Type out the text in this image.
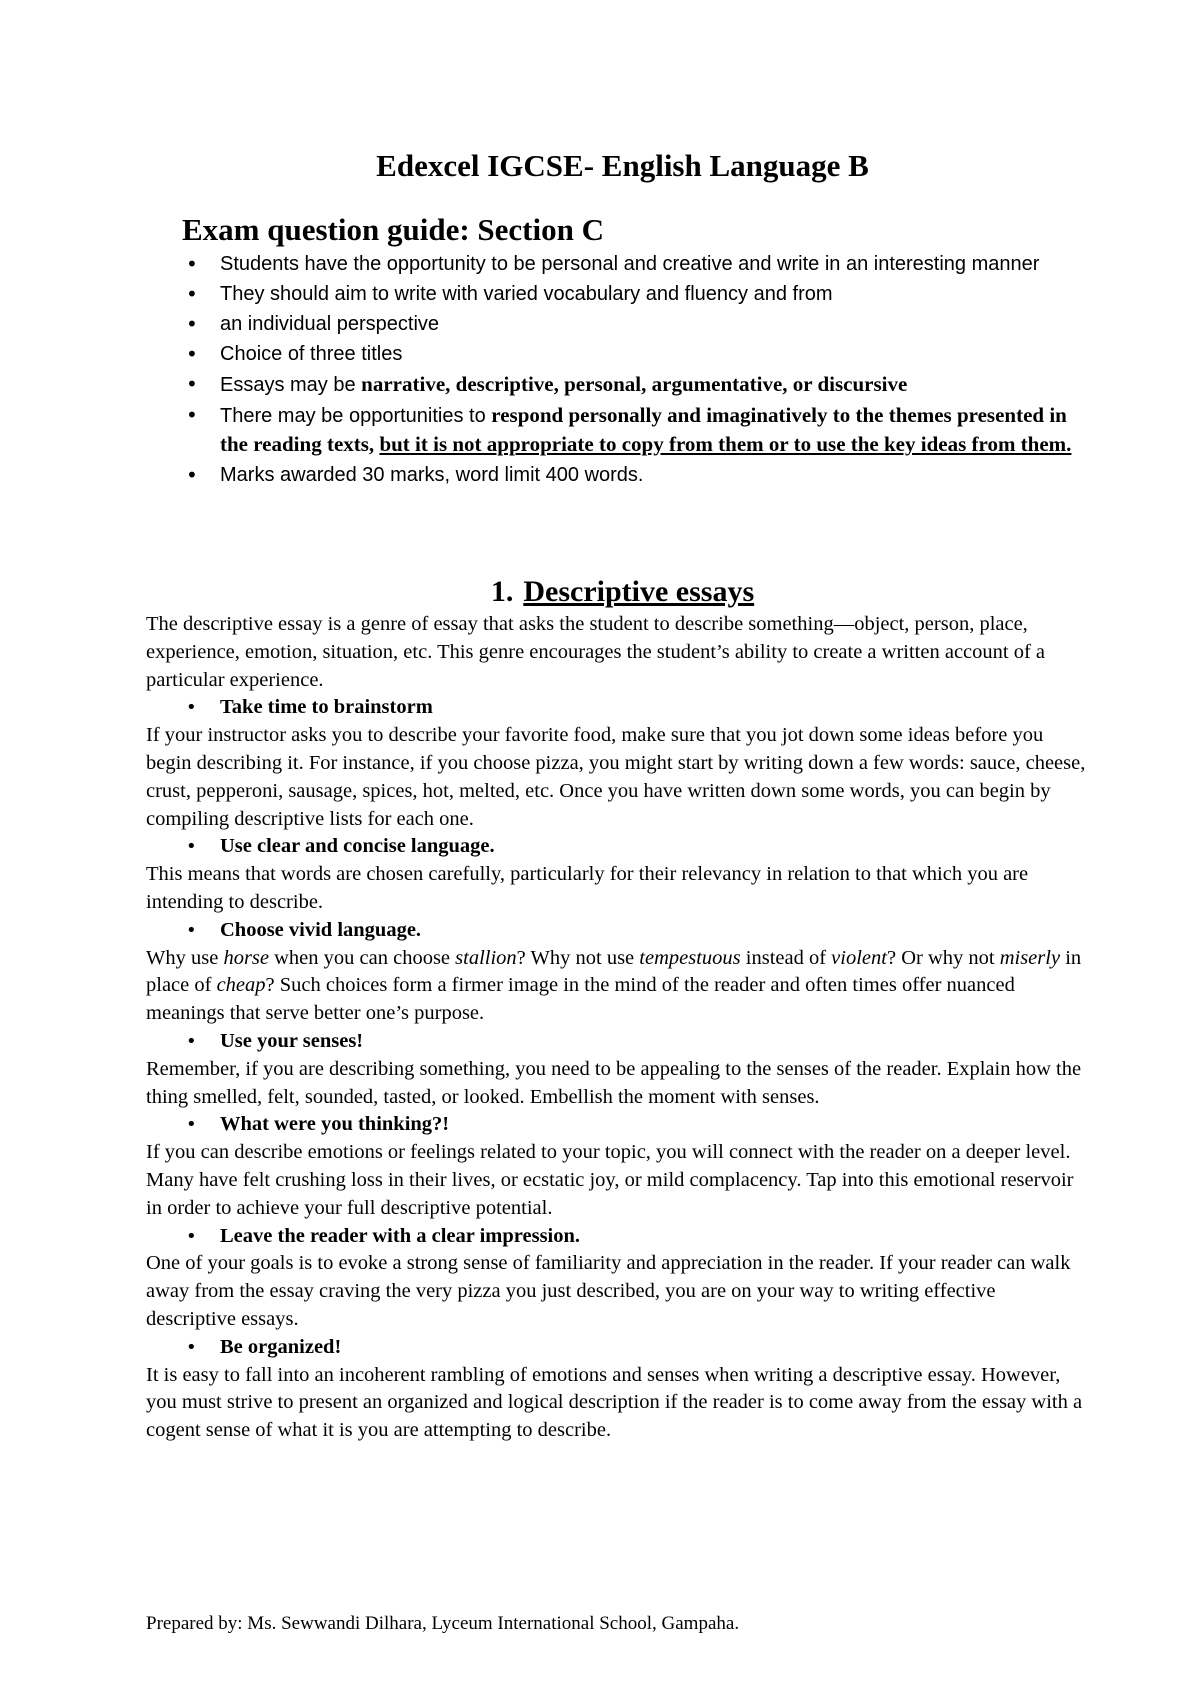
Edexcel IGCSE- English Language B
Exam question guide: Section C
• Students have the opportunity to be personal and creative and write in an interesting manner
• They should aim to write with varied vocabulary and fluency and from
• an individual perspective
• Choice of three titles
• Essays may be narrative, descriptive, personal, argumentative, or discursive
• There may be opportunities to respond personally and imaginatively to the themes presented in the reading texts, but it is not appropriate to copy from them or to use the key ideas from them.
• Marks awarded 30 marks, word limit 400 words.
1. Descriptive essays

The descriptive essay is a genre of essay that asks the student to describe something—object, person, place, experience, emotion, situation, etc. This genre encourages the student’s ability to create a written account of a particular experience.

• Take time to brainstorm

If your instructor asks you to describe your favorite food, make sure that you jot down some ideas before you begin describing it. For instance, if you choose pizza, you might start by writing down a few words: sauce, cheese, crust, pepperoni, sausage, spices, hot, melted, etc. Once you have written down some words, you can begin by compiling descriptive lists for each one.

• Use clear and concise language.

This means that words are chosen carefully, particularly for their relevancy in relation to that which you are intending to describe.

• Choose vivid language.

Why use horse when you can choose stallion? Why not use tempestuous instead of violent? Or why not miserly in place of cheap? Such choices form a firmer image in the mind of the reader and often times offer nuanced meanings that serve better one’s purpose.

• Use your senses!

Remember, if you are describing something, you need to be appealing to the senses of the reader. Explain how the thing smelled, felt, sounded, tasted, or looked. Embellish the moment with senses.

• What were you thinking?!

If you can describe emotions or feelings related to your topic, you will connect with the reader on a deeper level. Many have felt crushing loss in their lives, or ecstatic joy, or mild complacency. Tap into this emotional reservoir in order to achieve your full descriptive potential.

• Leave the reader with a clear impression.

One of your goals is to evoke a strong sense of familiarity and appreciation in the reader. If your reader can walk away from the essay craving the very pizza you just described, you are on your way to writing effective descriptive essays.

• Be organized!

It is easy to fall into an incoherent rambling of emotions and senses when writing a descriptive essay. However, you must strive to present an organized and logical description if the reader is to come away from the essay with a cogent sense of what it is you are attempting to describe.

Prepared by: Ms. Sewwandi Dilhara, Lyceum International School, Gampaha.
